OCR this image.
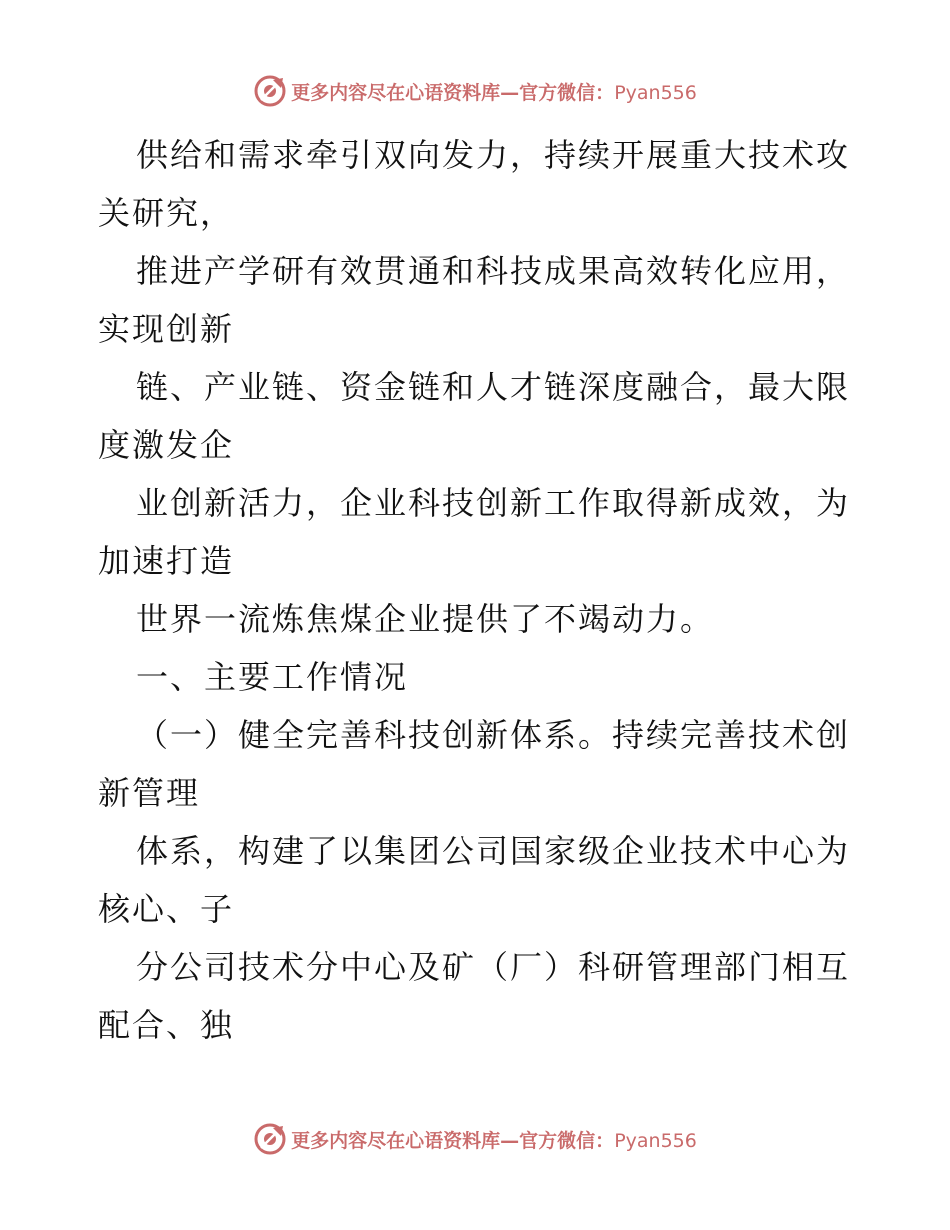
更多内容尽在心语资料库—官方微信：Pyan556
供给和需求牵引双向发力，持续开展重大技术攻
关研究，
推进产学研有效贯通和科技成果高效转化应用，
实现创新
链、产业链、资金链和人才链深度融合，最大限
度激发企
业创新活力，企业科技创新工作取得新成效，为
加速打造
世界一流炼焦煤企业提供了不竭动力。
一、主要工作情况
（一）健全完善科技创新体系。持续完善技术创
新管理
体系，构建了以集团公司国家级企业技术中心为
核心、子
分公司技术分中心及矿（厂）科研管理部门相互
配合、独
更多内容尽在心语资料库—官方微信：Pyan556
